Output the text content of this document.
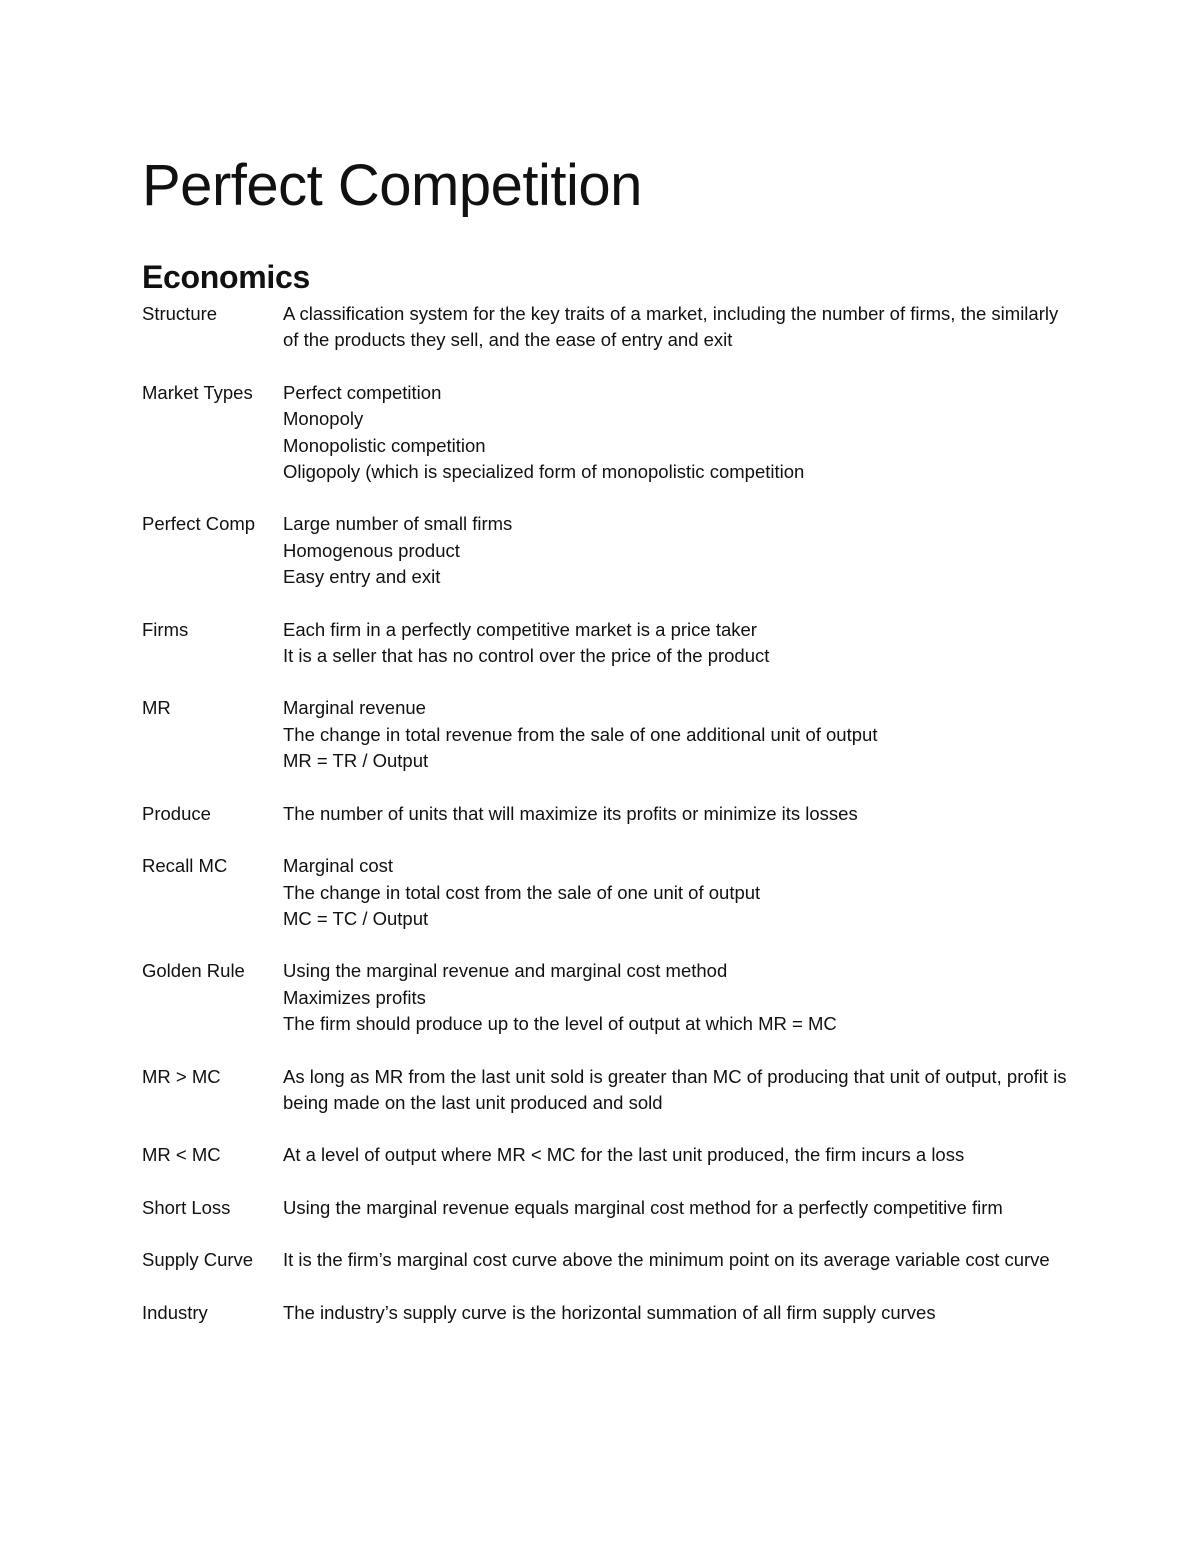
Perfect Competition
Economics
Structure	A classification system for the key traits of a market, including the number of firms, the similarly of the products they sell, and the ease of entry and exit
Market Types	Perfect competition
Monopoly
Monopolistic competition
Oligopoly (which is specialized form of monopolistic competition
Perfect Comp	Large number of small firms
Homogenous product
Easy entry and exit
Firms	Each firm in a perfectly competitive market is a price taker
It is a seller that has no control over the price of the product
MR	Marginal revenue
The change in total revenue from the sale of one additional unit of output
MR = TR / Output
Produce	The number of units that will maximize its profits or minimize its losses
Recall MC	Marginal cost
The change in total cost from the sale of one unit of output
MC = TC / Output
Golden Rule	Using the marginal revenue and marginal cost method
Maximizes profits
The firm should produce up to the level of output at which MR = MC
MR > MC	As long as MR from the last unit sold is greater than MC of producing that unit of output, profit is being made on the last unit produced and sold
MR < MC	At a level of output where MR < MC for the last unit produced, the firm incurs a loss
Short Loss	Using the marginal revenue equals marginal cost method for a perfectly competitive firm
Supply Curve	It is the firm’s marginal cost curve above the minimum point on its average variable cost curve
Industry	The industry’s supply curve is the horizontal summation of all firm supply curves
